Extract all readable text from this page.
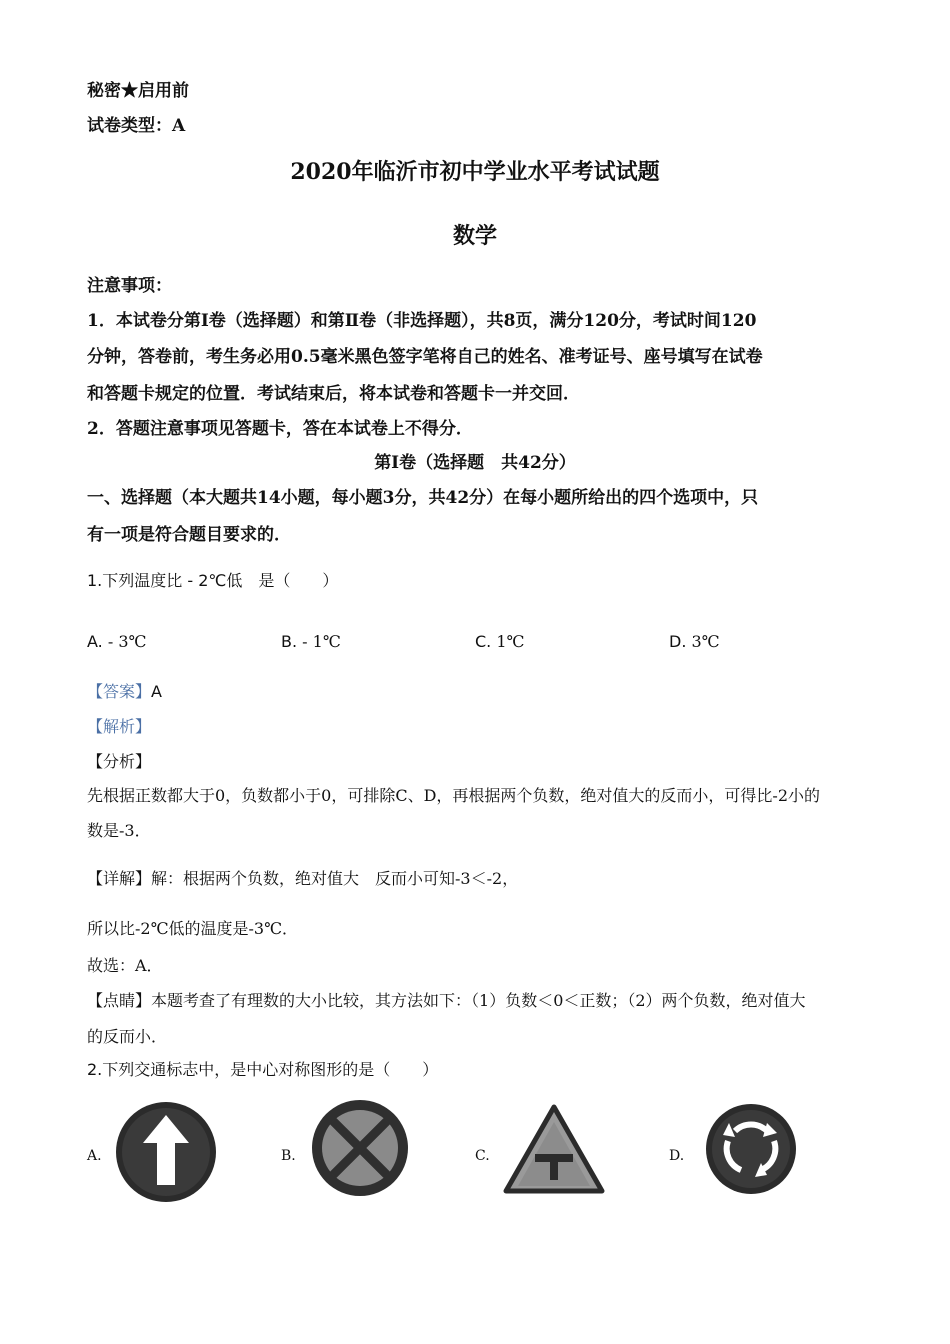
秘密★启用前
试卷类型：A
2020年临沂市初中学业水平考试试题
数学
注意事项：
1．本试卷分第Ⅰ卷（选择题）和第Ⅱ卷（非选择题），共8页，满分120分，考试时间120
分钟，答卷前，考生务必用0.5毫米黑色签字笔将自己的姓名、准考证号、座号填写在试卷
和答题卡规定的位置．考试结束后，将本试卷和答题卡一并交回．
2．答题注意事项见答题卡，答在本试卷上不得分．
第Ⅰ卷（选择题　共42分）
一、选择题（本大题共14小题，每小题3分，共42分）在每小题所给出的四个选项中，只
有一项是符合题目要求的．
1.下列温度比 - 2℃低　是（　　）
A. - 3℃	B. - 1℃	C. 1℃	D. 3℃
【答案】A
【解析】
【分析】
先根据正数都大于0，负数都小于0，可排除C、D，再根据两个负数，绝对值大的反而小，可得比-2小的
数是-3．
【详解】解：根据两个负数，绝对值大　反而小可知-3＜-2，
所以比-2℃低的温度是-3℃．
故选：A．
【点睛】本题考查了有理数的大小比较，其方法如下：（1）负数＜0＜正数；（2）两个负数，绝对值大
的反而小．
2.下列交通标志中，是中心对称图形的是（　　）
A.	B.	C.	D.
